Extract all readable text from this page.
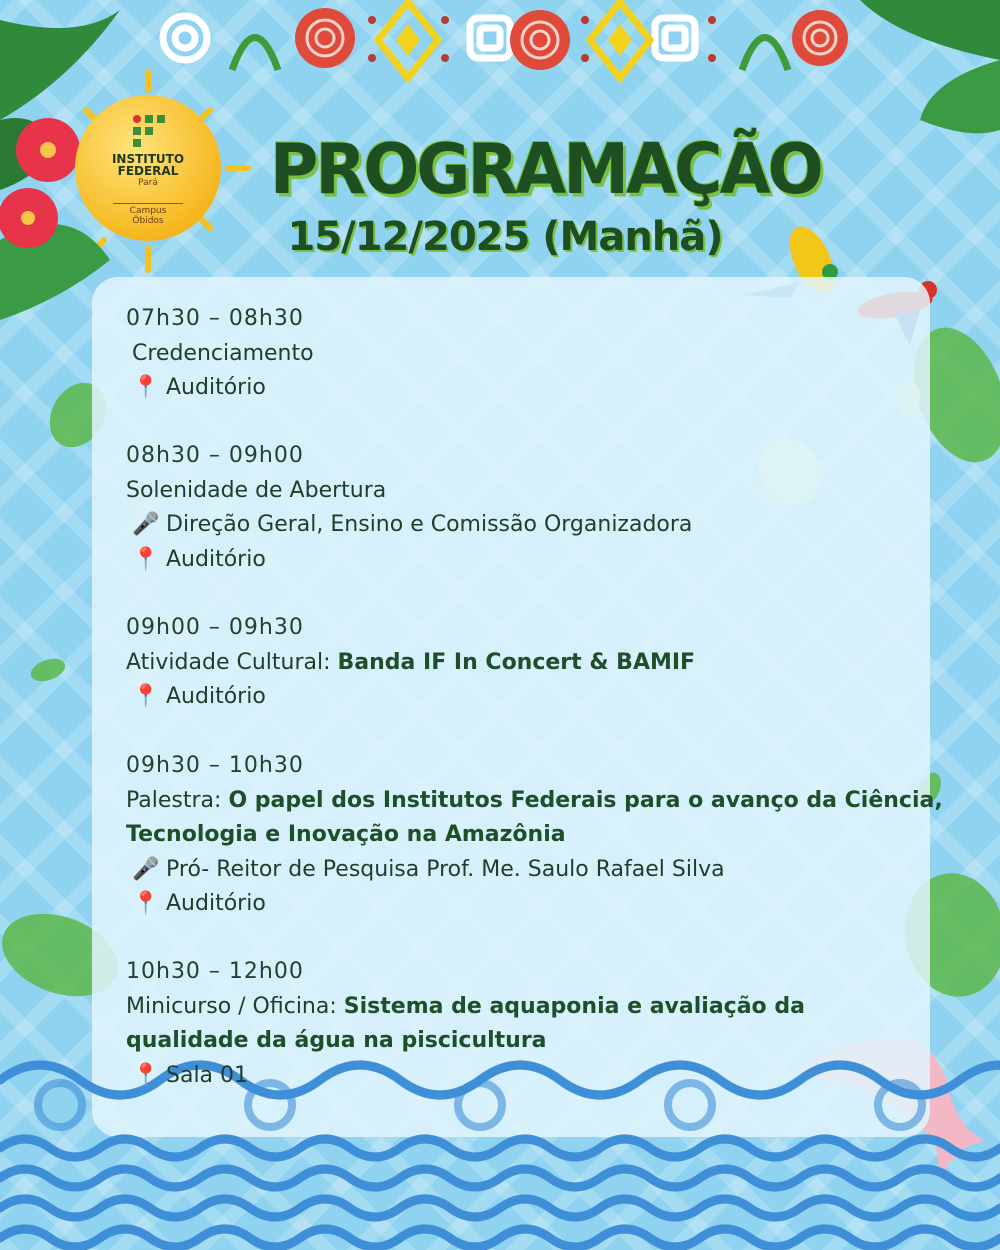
INSTITUTO
FEDERAL
Pará
Campus
Óbidos
PROGRAMAÇÃO
15/12/2025 (Manhã)
07h30 – 08h30
Credenciamento
📍 Auditório
08h30 – 09h00
Solenidade de Abertura
🎤 Direção Geral, Ensino e Comissão Organizadora
📍 Auditório
09h00 – 09h30
Atividade Cultural: Banda IF In Concert & BAMIF
📍 Auditório
09h30 – 10h30
Palestra: O papel dos Institutos Federais para o avanço da Ciência,
Tecnologia e Inovação na Amazônia
🎤 Pró- Reitor de Pesquisa Prof. Me. Saulo Rafael Silva
📍 Auditório
10h30 – 12h00
Minicurso / Oficina: Sistema de aquaponia e avaliação da
qualidade da água na piscicultura
📍 Sala 01
